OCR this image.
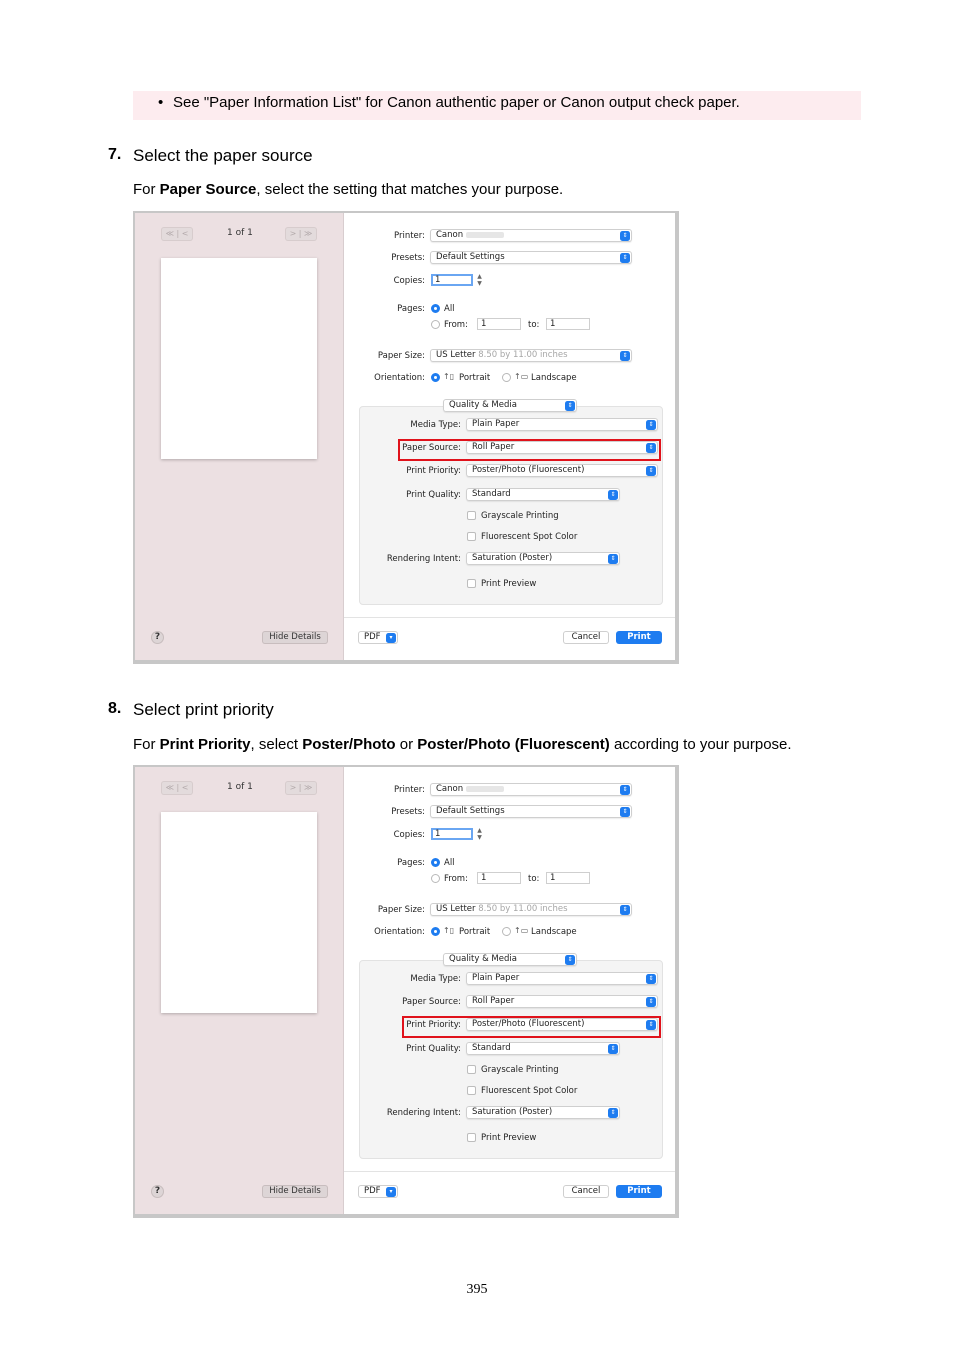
• See "Paper Information List" for Canon authentic paper or Canon output check paper.
7. Select the paper source
For Paper Source, select the setting that matches your purpose.
8. Select print priority
For Print Priority, select Poster/Photo or Poster/Photo (Fluorescent) according to your purpose.
≪ | <	1 of 1	> | ≫
?	Hide Details
Printer:	Canon	⇕
Presets:	Default Settings	⇕
Copies:	1	▲
▼
Pages: All
From:	1	to:	1
Paper Size:	US Letter 8.50 by 11.00 inches	⇕
Orientation: ↑▯ Portrait	↑▭ Landscape
Quality & Media	⇕
Media Type:	Plain Paper	⇕
Paper Source:	Roll Paper	⇕
Print Priority:	Poster/Photo (Fluorescent)	⇕
Print Quality:	Standard	⇕
Grayscale Printing
Fluorescent Spot Color
Rendering Intent:	Saturation (Poster)	⇕
Print Preview
PDF	▾	Cancel	Print
≪ | <	1 of 1	> | ≫
?	Hide Details
Printer:	Canon	⇕
Presets:	Default Settings	⇕
Copies:	1	▲
▼
Pages: All
From:	1	to:	1
Paper Size:	US Letter 8.50 by 11.00 inches	⇕
Orientation: ↑▯ Portrait	↑▭ Landscape
Quality & Media	⇕
Media Type:	Plain Paper	⇕
Paper Source:	Roll Paper	⇕
Print Priority:	Poster/Photo (Fluorescent)	⇕
Print Quality:	Standard	⇕
Grayscale Printing
Fluorescent Spot Color
Rendering Intent:	Saturation (Poster)	⇕
Print Preview
PDF	▾	Cancel	Print
395
